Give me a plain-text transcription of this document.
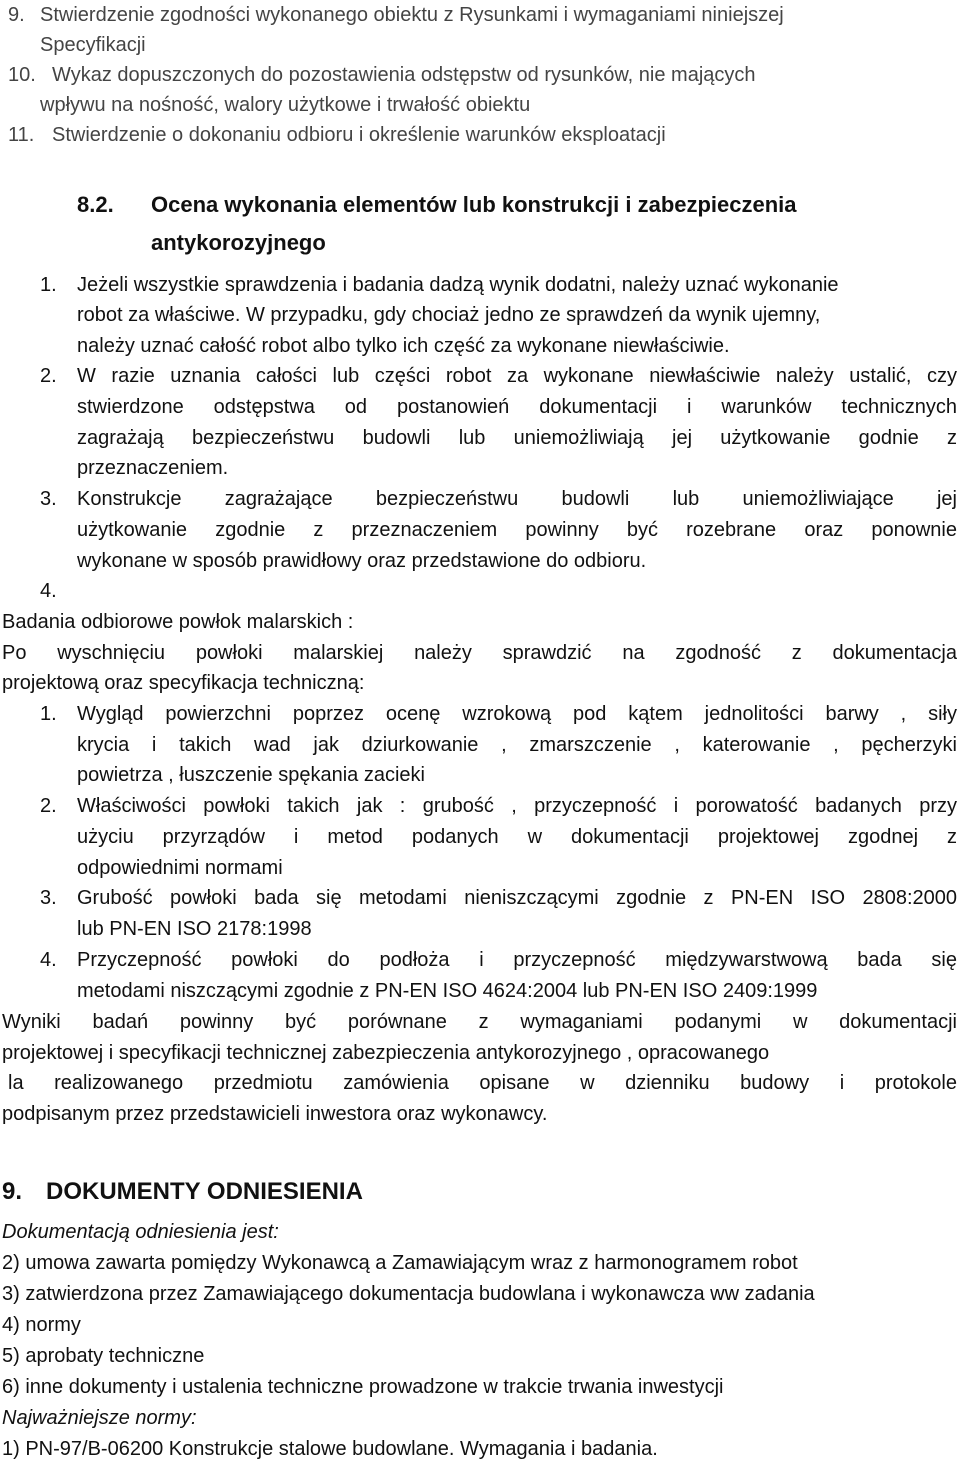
9. Stwierdzenie zgodności wykonanego obiektu z Rysunkami i wymaganiami niniejszej
Specyfikacji
10. Wykaz dopuszczonych do pozostawienia odstępstw od rysunków, nie mających
wpływu na nośność, walory użytkowe i trwałość obiektu
11. Stwierdzenie o dokonaniu odbioru i określenie warunków eksploatacji
8.2. Ocena wykonania elementów lub konstrukcji i zabezpieczenia
antykorozyjnego
1. Jeżeli wszystkie sprawdzenia i badania dadzą wynik dodatni, należy uznać wykonanie
robot za właściwe. W przypadku, gdy chociaż jedno ze sprawdzeń da wynik ujemny,
należy uznać całość robot albo tylko ich część za wykonane niewłaściwie.
2. W razie uznania całości lub części robot za wykonane niewłaściwie należy ustalić, czy
stwierdzone odstępstwa od postanowień dokumentacji i warunków technicznych
zagrażają bezpieczeństwu budowli lub uniemożliwiają jej użytkowanie godnie z
przeznaczeniem.
3. Konstrukcje zagrażające bezpieczeństwu budowli lub uniemożliwiające jej
użytkowanie zgodnie z przeznaczeniem powinny być rozebrane oraz ponownie
wykonane w sposób prawidłowy oraz przedstawione do odbioru.
4.
Badania odbiorowe powłok malarskich :
Po wyschnięciu powłoki malarskiej należy sprawdzić na zgodność z dokumentacja
projektową oraz specyfikacja techniczną:
1. Wygląd powierzchni poprzez ocenę wzrokową pod kątem jednolitości barwy , siły
krycia i takich wad jak dziurkowanie , zmarszczenie , katerowanie , pęcherzyki
powietrza , łuszczenie spękania zacieki
2. Właściwości powłoki takich jak : grubość , przyczepność i porowatość badanych przy
użyciu przyrządów i metod podanych w dokumentacji projektowej zgodnej z
odpowiednimi normami
3. Grubość powłoki bada się metodami nieniszczącymi zgodnie z PN-EN ISO 2808:2000
lub PN-EN ISO 2178:1998
4. Przyczepność powłoki do podłoża i przyczepność międzywarstwową bada się
metodami niszczącymi zgodnie z PN-EN ISO 4624:2004 lub PN-EN ISO 2409:1999
Wyniki badań powinny być porównane z wymaganiami podanymi w dokumentacji
projektowej i specyfikacji technicznej zabezpieczenia antykorozyjnego , opracowanego
la realizowanego przedmiotu zamówienia opisane w dzienniku budowy i protokole
podpisanym przez przedstawicieli inwestora oraz wykonawcy.
9. DOKUMENTY ODNIESIENIA
Dokumentacją odniesienia jest:
2) umowa zawarta pomiędzy Wykonawcą a Zamawiającym wraz z harmonogramem robot
3) zatwierdzona przez Zamawiającego dokumentacja budowlana i wykonawcza ww zadania
4) normy
5) aprobaty techniczne
6) inne dokumenty i ustalenia techniczne prowadzone w trakcie trwania inwestycji
Najważniejsze normy:
1) PN-97/B-06200 Konstrukcje stalowe budowlane. Wymagania i badania.
